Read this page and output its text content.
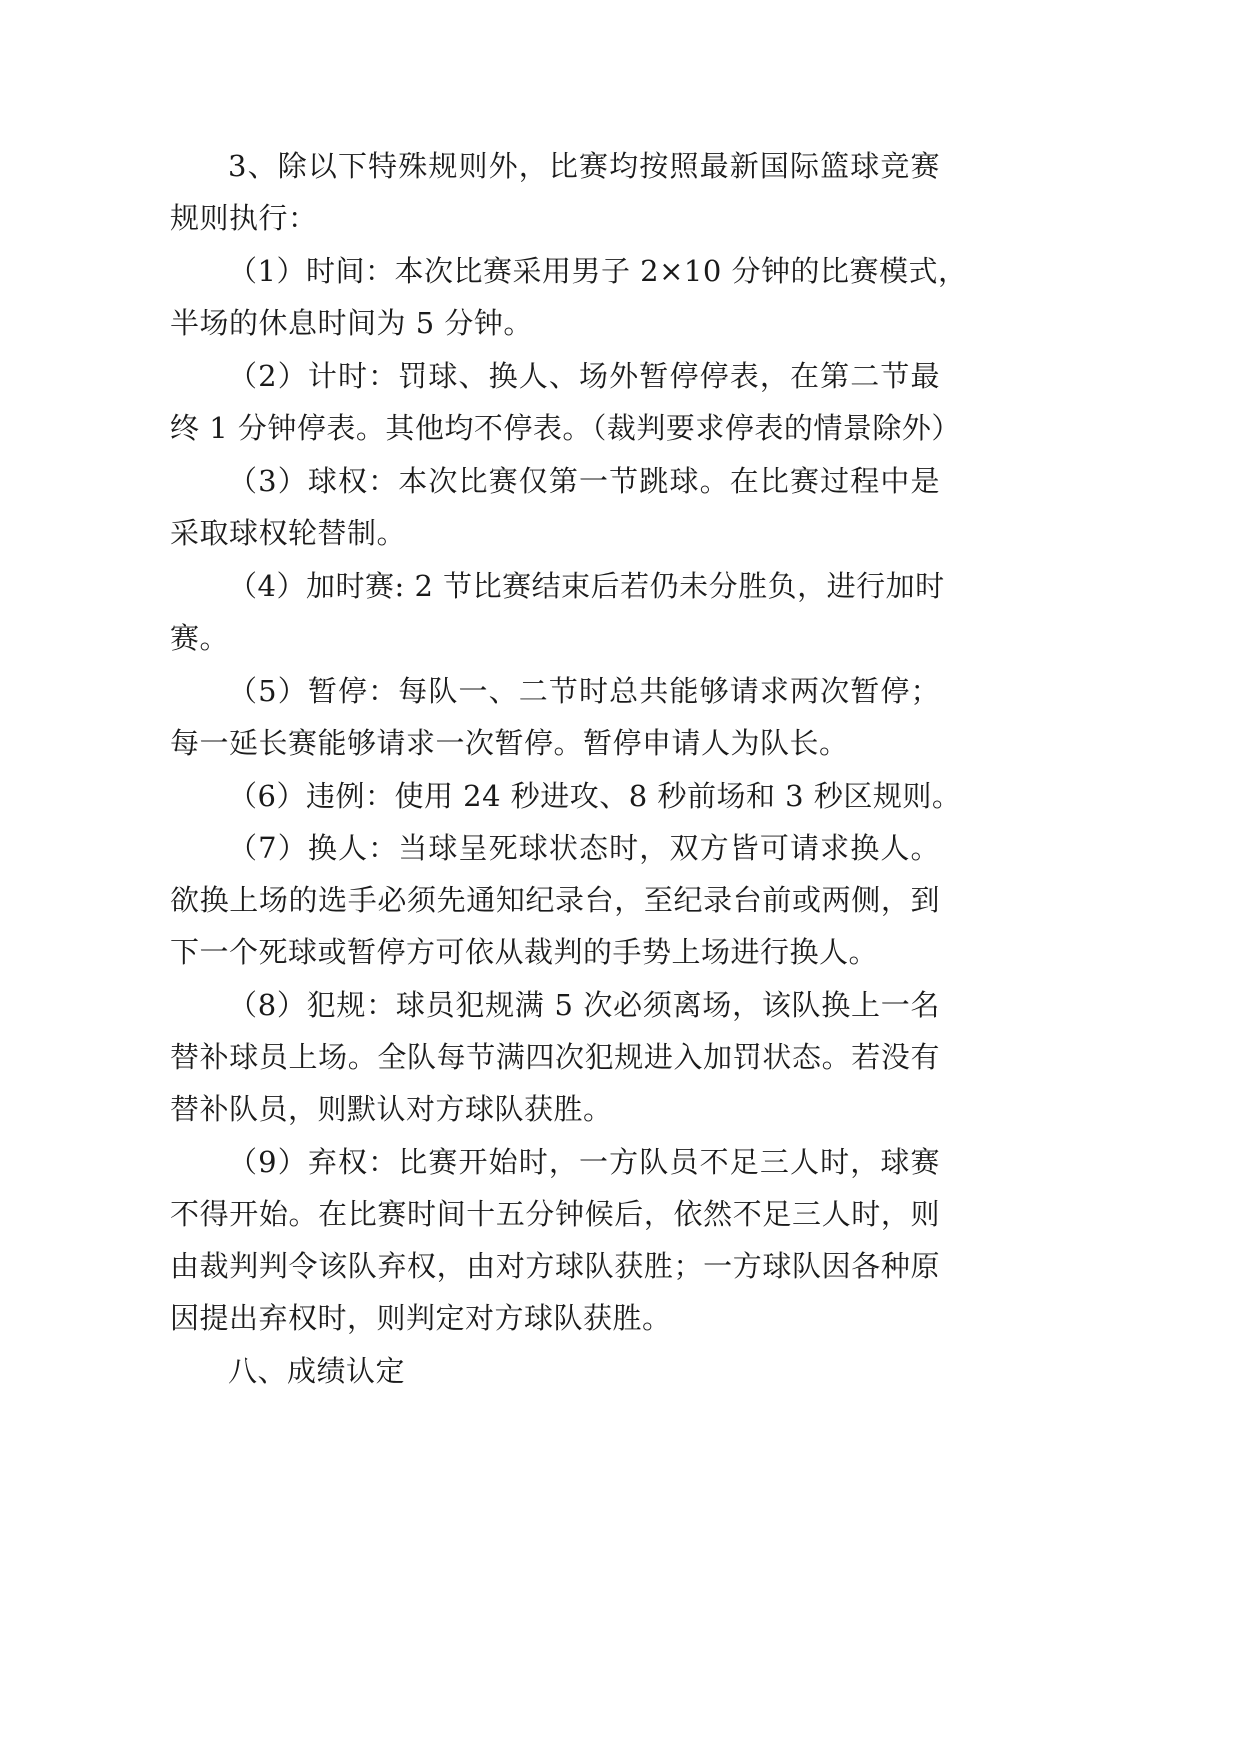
3、除以下特殊规则外，比赛均按照最新国际篮球竞赛
规则执行：
（1）时间：本次比赛采用男子 2×10 分钟的比赛模式，
半场的休息时间为 5 分钟。
（2）计时：罚球、换人、场外暂停停表，在第二节最
终 1 分钟停表。其他均不停表。（裁判要求停表的情景除外）
（3）球权：本次比赛仅第一节跳球。在比赛过程中是
采取球权轮替制。
（4）加时赛: 2 节比赛结束后若仍未分胜负，进行加时
赛。
（5）暂停：每队一、二节时总共能够请求两次暂停；
每一延长赛能够请求一次暂停。暂停申请人为队长。
（6）违例：使用 24 秒进攻、8 秒前场和 3 秒区规则。
（7）换人：当球呈死球状态时，双方皆可请求换人。
欲换上场的选手必须先通知纪录台，至纪录台前或两侧，到
下一个死球或暂停方可依从裁判的手势上场进行换人。
（8）犯规：球员犯规满 5 次必须离场，该队换上一名
替补球员上场。全队每节满四次犯规进入加罚状态。若没有
替补队员，则默认对方球队获胜。
（9）弃权：比赛开始时，一方队员不足三人时，球赛
不得开始。在比赛时间十五分钟候后，依然不足三人时，则
由裁判判令该队弃权，由对方球队获胜；一方球队因各种原
因提出弃权时，则判定对方球队获胜。
八、成绩认定
